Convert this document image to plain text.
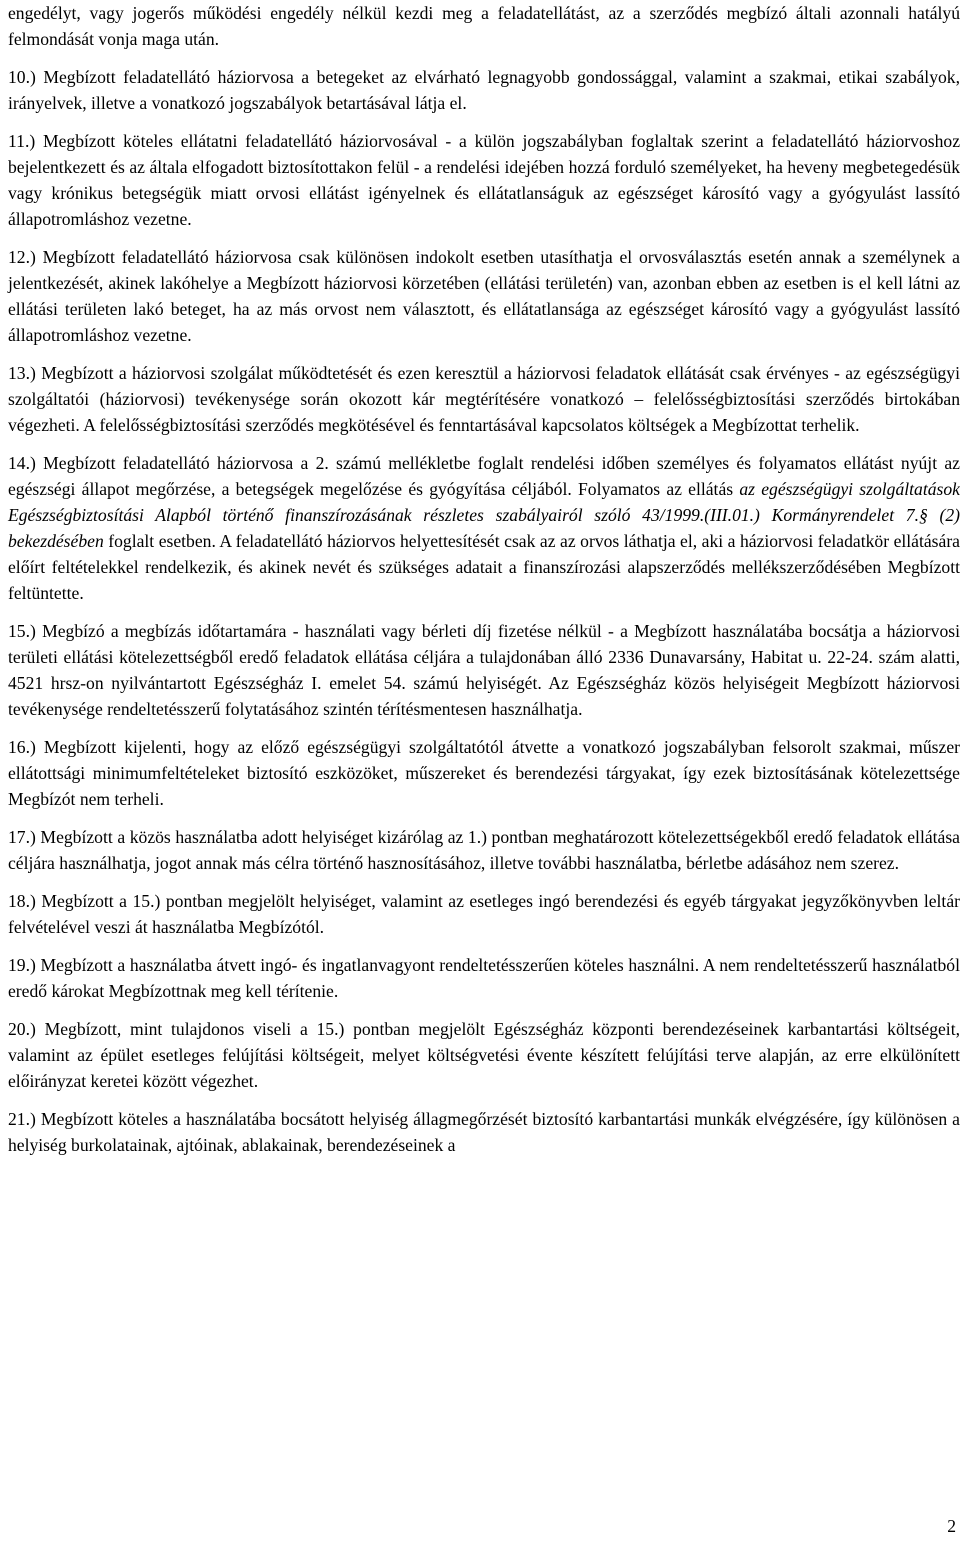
engedélyt, vagy jogerős működési engedély nélkül kezdi meg a feladatellátást, az a szerződés megbízó általi azonnali hatályú felmondását vonja maga után.

10.) Megbízott feladatellátó háziorvosa a betegeket az elvárható legnagyobb gondossággal, valamint a szakmai, etikai szabályok, irányelvek, illetve a vonatkozó jogszabályok betartásával látja el.

11.) Megbízott köteles ellátatni feladatellátó háziorvosával - a külön jogszabályban foglaltak szerint a feladatellátó háziorvoshoz bejelentkezett és az általa elfogadott biztosítottakon felül - a rendelési idejében hozzá forduló személyeket, ha heveny megbetegedésük vagy krónikus betegségük miatt orvosi ellátást igényelnek és ellátatlanságuk az egészséget károsító vagy a gyógyulást lassító állapotromláshoz vezetne.

12.) Megbízott feladatellátó háziorvosa csak különösen indokolt esetben utasíthatja el orvosválasztás esetén annak a személynek a jelentkezését, akinek lakóhelye a Megbízott háziorvosi körzetében (ellátási területén) van, azonban ebben az esetben is el kell látni az ellátási területen lakó beteget, ha az más orvost nem választott, és ellátatlansága az egészséget károsító vagy a gyógyulást lassító állapotromláshoz vezetne.

13.) Megbízott a háziorvosi szolgálat működtetését és ezen keresztül a háziorvosi feladatok ellátását csak érvényes - az egészségügyi szolgáltatói (háziorvosi) tevékenysége során okozott kár megtérítésére vonatkozó – felelősségbiztosítási szerződés birtokában végezheti. A felelősségbiztosítási szerződés megkötésével és fenntartásával kapcsolatos költségek a Megbízottat terhelik.

14.) Megbízott feladatellátó háziorvosa a 2. számú mellékletbe foglalt rendelési időben személyes és folyamatos ellátást nyújt az egészségi állapot megőrzése, a betegségek megelőzése és gyógyítása céljából. Folyamatos az ellátás az egészségügyi szolgáltatások Egészségbiztosítási Alapból történő finanszírozásának részletes szabályairól szóló 43/1999.(III.01.) Kormányrendelet 7.§ (2) bekezdésében foglalt esetben. A feladatellátó háziorvos helyettesítését csak az az orvos láthatja el, aki a háziorvosi feladatkör ellátására előírt feltételekkel rendelkezik, és akinek nevét és szükséges adatait a finanszírozási alapszerződés mellékszerződésében Megbízott feltüntette.

15.) Megbízó a megbízás időtartamára - használati vagy bérleti díj fizetése nélkül - a Megbízott használatába bocsátja a háziorvosi területi ellátási kötelezettségből eredő feladatok ellátása céljára a tulajdonában álló 2336 Dunavarsány, Habitat u. 22-24. szám alatti, 4521 hrsz-on nyilvántartott Egészségház I. emelet 54. számú helyiségét. Az Egészségház közös helyiségeit Megbízott háziorvosi tevékenysége rendeltetésszerű folytatásához szintén térítésmentesen használhatja.

16.) Megbízott kijelenti, hogy az előző egészségügyi szolgáltatótól átvette a vonatkozó jogszabályban felsorolt szakmai, műszer ellátottsági minimumfeltételeket biztosító eszközöket, műszereket és berendezési tárgyakat, így ezek biztosításának kötelezettsége Megbízót nem terheli.

17.) Megbízott a közös használatba adott helyiséget kizárólag az 1.) pontban meghatározott kötelezettségekből eredő feladatok ellátása céljára használhatja, jogot annak más célra történő hasznosításához, illetve további használatba, bérletbe adásához nem szerez.

18.) Megbízott a 15.) pontban megjelölt helyiséget, valamint az esetleges ingó berendezési és egyéb tárgyakat jegyzőkönyvben leltár felvételével veszi át használatba Megbízótól.

19.) Megbízott a használatba átvett ingó- és ingatlanvagyont rendeltetésszerűen köteles használni. A nem rendeltetésszerű használatból eredő károkat Megbízottnak meg kell térítenie.

20.) Megbízott, mint tulajdonos viseli a 15.) pontban megjelölt Egészségház központi berendezéseinek karbantartási költségeit, valamint az épület esetleges felújítási költségeit, melyet költségvetési évente készített felújítási terve alapján, az erre elkülönített előirányzat keretei között végezhet.

21.) Megbízott köteles a használatába bocsátott helyiség állagmegőrzését biztosító karbantartási munkák elvégzésére, így különösen a helyiség burkolatainak, ajtóinak, ablakainak, berendezéseinek a

2
